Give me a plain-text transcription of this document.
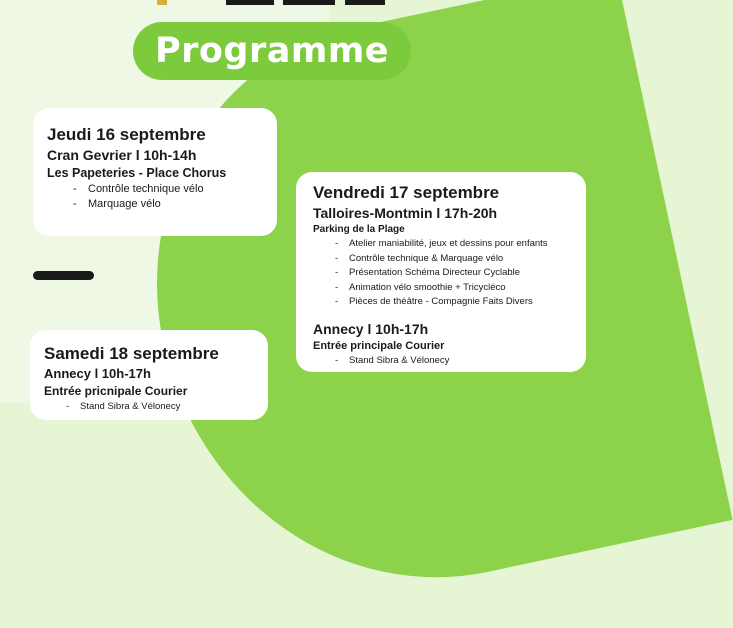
Programme
Jeudi 16 septembre
Cran Gevrier l 10h-14h
Les Papeteries - Place Chorus
- Contrôle technique vélo
- Marquage vélo
Vendredi 17 septembre
Talloires-Montmin l 17h-20h
Parking de la Plage
- Atelier maniabilité, jeux et dessins pour enfants
- Contrôle technique & Marquage vélo
- Présentation Schéma Directeur Cyclable
- Animation vélo smoothie + Tricycléco
- Pièces de théâtre - Compagnie Faits Divers
Annecy l 10h-17h
Entrée principale Courier
- Stand Sibra & Vélonecy
Samedi 18 septembre
Annecy l 10h-17h
Entrée pricnipale Courier
- Stand Sibra & Vélonecy
